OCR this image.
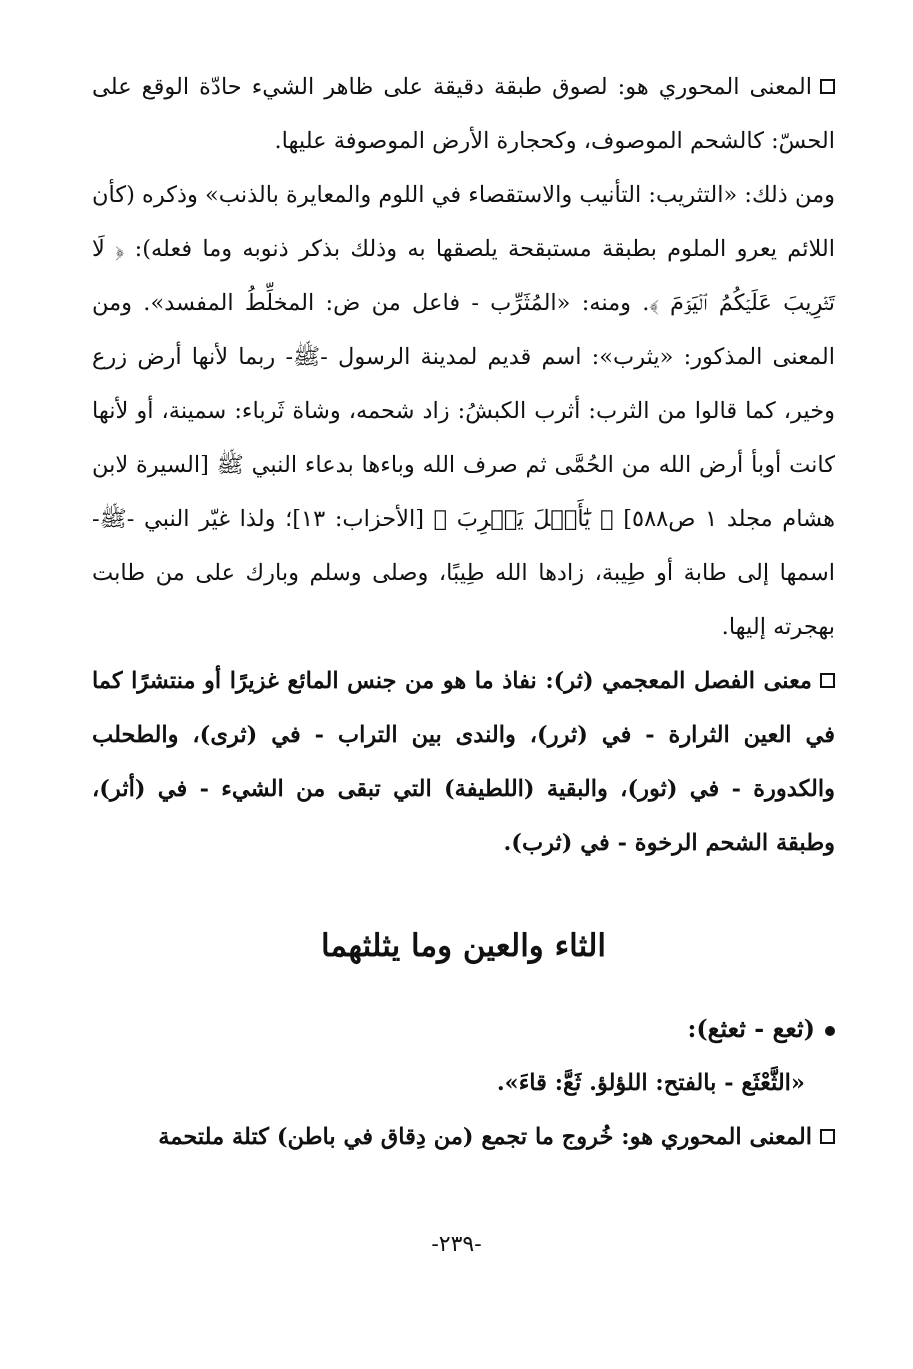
المعنى المحوري هو: لصوق طبقة دقيقة على ظاهر الشيء حادّة الوقع على الحسّ: كالشحم الموصوف، وكحجارة الأرض الموصوفة عليها.

ومن ذلك: «التثريب: التأنيب والاستقصاء في اللوم والمعايرة بالذنب» وذكره (كأن اللائم يعرو الملوم بطبقة مستبقحة يلصقها به وذلك بذكر ذنوبه وما فعله): ﴿ لَا تَثۡرِيبَ عَلَيۡكُمُ ٱلۡيَوۡمَ ﴾. ومنه: «المُثَرِّب - فاعل من ض: المخلِّطُ المفسد». ومن المعنى المذكور: «يثرب»: اسم قديم لمدينة الرسول -ﷺ- ربما لأنها أرض زرع وخير، كما قالوا من الثرب: أثرب الكبشُ: زاد شحمه، وشاة ثَرباء: سمينة، أو لأنها كانت أوبأ أرض الله من الحُمَّى ثم صرف الله وباءها بدعاء النبي ﷺ [السيرة لابن هشام مجلد ١ ص٥٨٨] ﴿ يَٰٓأَهۡلَ يَثۡرِبَ ﴾ [الأحزاب: ١٣]؛ ولذا غيّر النبي -ﷺ- اسمها إلى طابة أو طِيبة، زادها الله طِيبًا، وصلى وسلم وبارك على من طابت بهجرته إليها.

معنى الفصل المعجمي (ثر): نفاذ ما هو من جنس المائع غزيرًا أو منتشرًا كما في العين الثرارة - في (ثرر)، والندى بين التراب - في (ثرى)، والطحلب والكدورة - في (ثور)، والبقية (اللطيفة) التي تبقى من الشيء - في (أثر)، وطبقة الشحم الرخوة - في (ثرب).

الثاء والعين وما يثلثهما

(ثعع - ثعثع):

«الثَّعْثَع - بالفتح: اللؤلؤ. ثَعَّ: قاءَ».

المعنى المحوري هو: خُروج ما تجمع (من دِقاق في باطن) كتلة ملتحمة

-٢٣٩-
